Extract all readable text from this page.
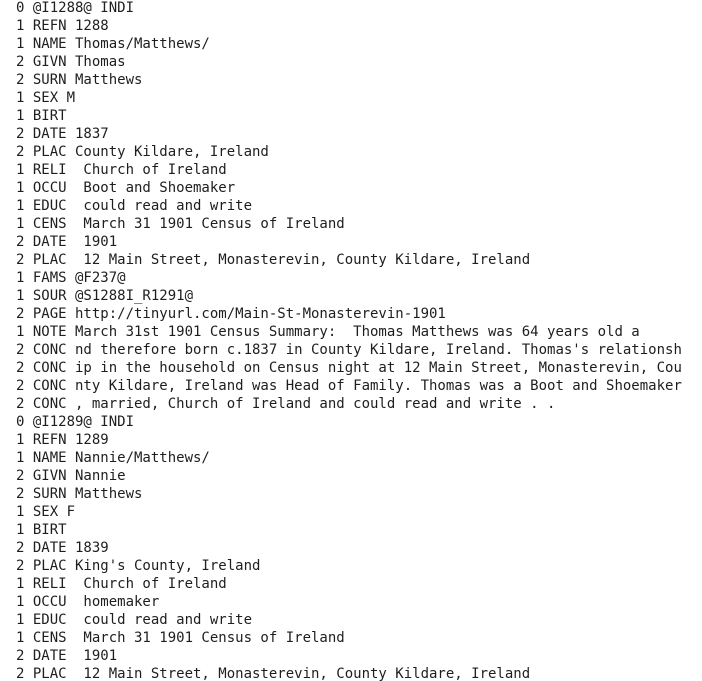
0 @I1288@ INDI
1 REFN 1288
1 NAME Thomas/Matthews/
2 GIVN Thomas
2 SURN Matthews
1 SEX M
1 BIRT
2 DATE 1837
2 PLAC County Kildare, Ireland
1 RELI  Church of Ireland
1 OCCU  Boot and Shoemaker
1 EDUC  could read and write
1 CENS  March 31 1901 Census of Ireland
2 DATE  1901
2 PLAC  12 Main Street, Monasterevin, County Kildare, Ireland
1 FAMS @F237@
1 SOUR @S1288I_R1291@
2 PAGE http://tinyurl.com/Main-St-Monasterevin-1901
1 NOTE March 31st 1901 Census Summary:  Thomas Matthews was 64 years old a
2 CONC nd therefore born c.1837 in County Kildare, Ireland. Thomas's relationsh
2 CONC ip in the household on Census night at 12 Main Street, Monasterevin, Cou
2 CONC nty Kildare, Ireland was Head of Family. Thomas was a Boot and Shoemaker
2 CONC , married, Church of Ireland and could read and write . .
0 @I1289@ INDI
1 REFN 1289
1 NAME Nannie/Matthews/
2 GIVN Nannie
2 SURN Matthews
1 SEX F
1 BIRT
2 DATE 1839
2 PLAC King's County, Ireland
1 RELI  Church of Ireland
1 OCCU  homemaker
1 EDUC  could read and write
1 CENS  March 31 1901 Census of Ireland
2 DATE  1901
2 PLAC  12 Main Street, Monasterevin, County Kildare, Ireland
